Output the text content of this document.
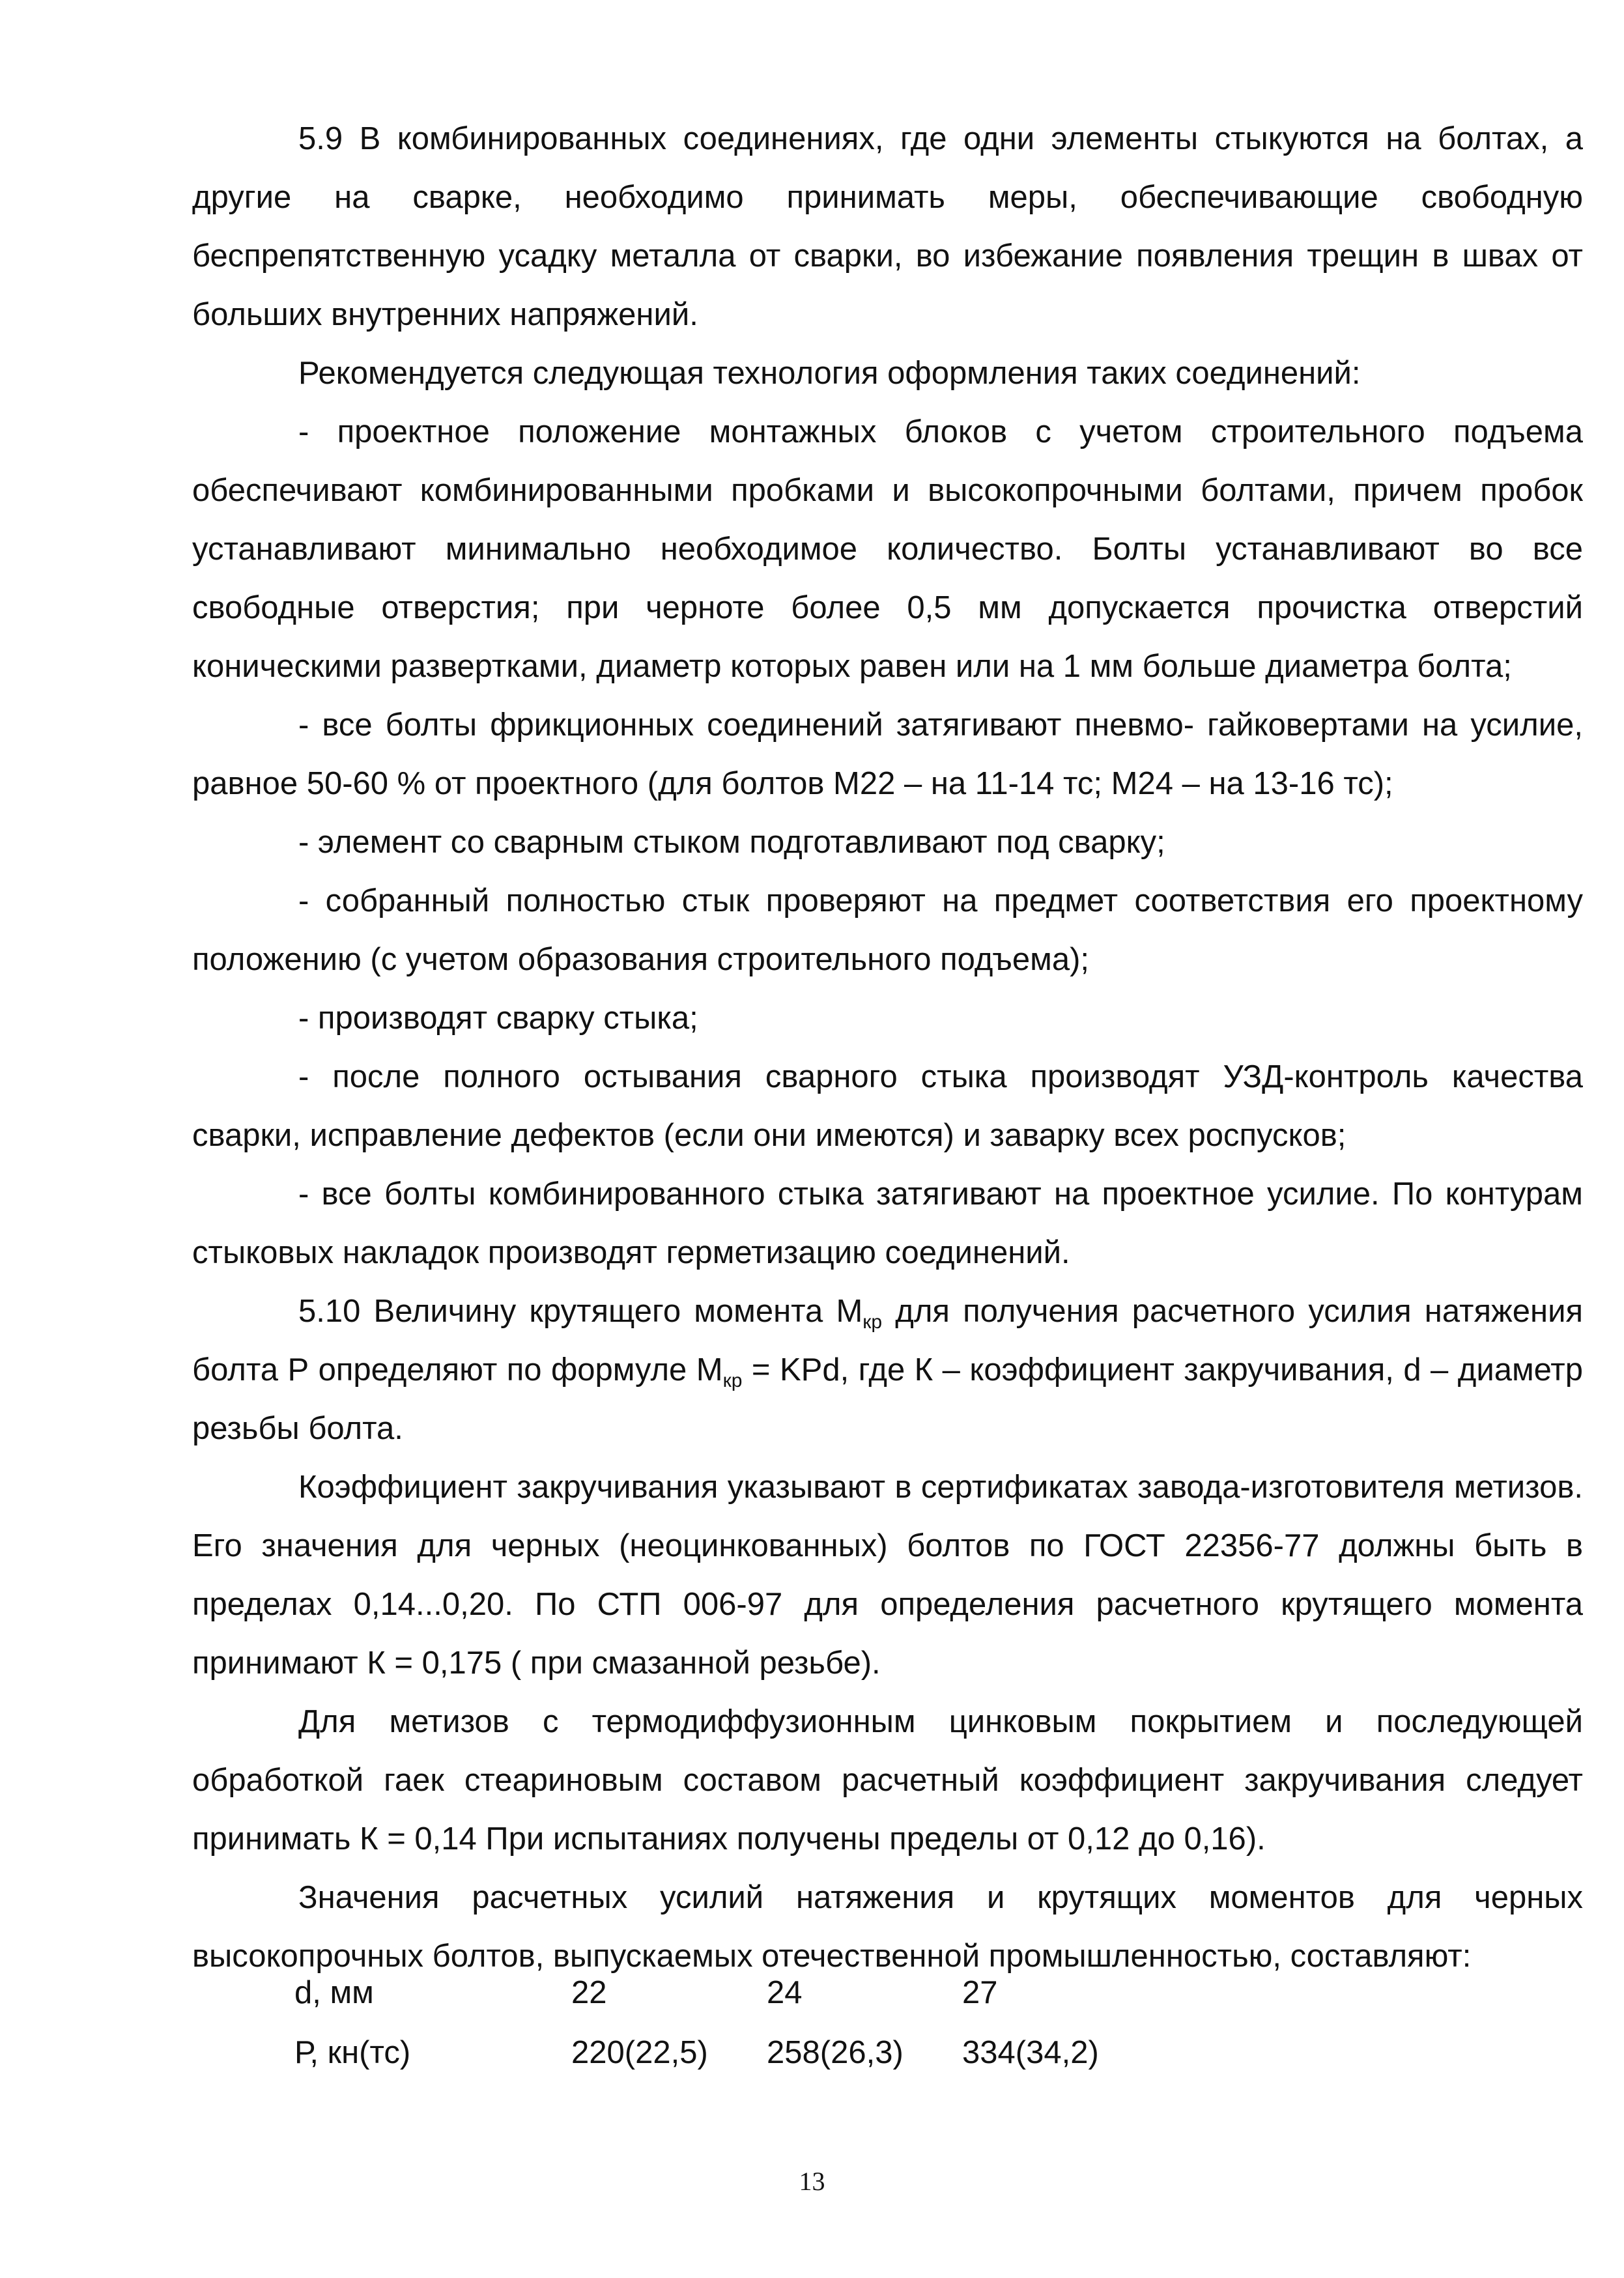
5.9 В комбинированных соединениях, где одни элементы стыкуются на болтах, а другие на сварке, необходимо принимать меры, обеспечивающие свободную беспрепятственную усадку металла от сварки, во избежание появления трещин в швах от больших внутренних напряжений.

Рекомендуется следующая технология оформления таких соединений:

- проектное положение монтажных блоков с учетом строительного подъема обеспечивают комбинированными пробками и высокопрочными болтами, причем пробок устанавливают минимально необходимое количество. Болты устанавливают во все свободные отверстия; при черноте более 0,5 мм допускается прочистка отверстий коническими развертками, диаметр которых равен или на 1 мм больше диаметра болта;

- все болты фрикционных соединений затягивают пневмо- гайковертами на усилие, равное 50-60 % от проектного (для болтов М22 – на 11-14 тс; М24 – на 13-16 тс);

- элемент со сварным стыком подготавливают под сварку;

- собранный полностью стык проверяют на предмет соответствия его проектному положению (с учетом образования строительного подъема);

- производят сварку стыка;

- после полного остывания сварного стыка производят УЗД-контроль качества сварки, исправление дефектов (если они имеются) и заварку всех роспусков;

- все болты комбинированного стыка затягивают на проектное усилие. По контурам стыковых накладок производят герметизацию соединений.

5.10 Величину крутящего момента $М_{кр}$ для получения расчетного усилия натяжения болта Р определяют по формуле $М_{кр}$ = KPd, где К – коэффициент закручивания, d – диаметр резьбы болта.

Коэффициент закручивания указывают в сертификатах завода-изготовителя метизов. Его значения для черных (неоцинкованных) болтов по ГОСТ 22356-77 должны быть в пределах 0,14...0,20. По СТП 006-97 для определения расчетного крутящего момента принимают К = 0,175 ( при смазанной резьбе).

Для метизов с термодиффузионным цинковым покрытием и последующей обработкой гаек стеариновым составом расчетный коэффициент закручивания следует принимать К = 0,14 При испытаниях получены пределы от 0,12 до 0,16).

Значения расчетных усилий натяжения и крутящих моментов для черных высокопрочных болтов, выпускаемых отечественной промышленностью, составляют:

d, мм	22	24	27
Р, кн(тс)	220(22,5)	258(26,3)	334(34,2)
13
